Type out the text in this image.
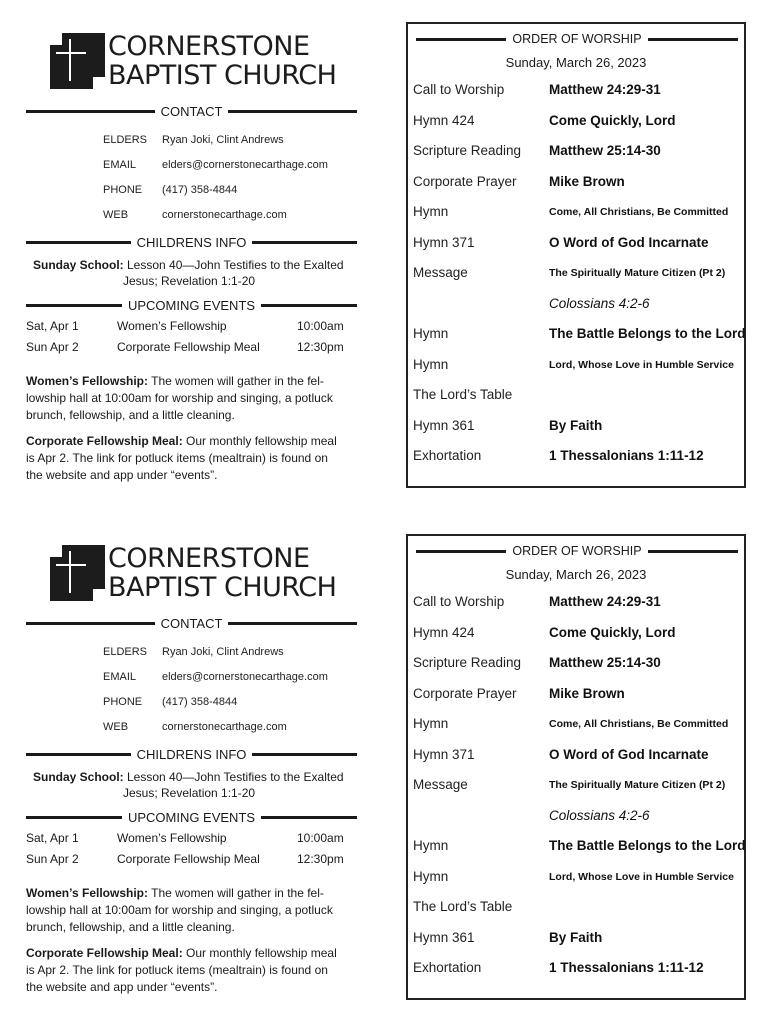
CORNERSTONE
BAPTIST CHURCH
CONTACT
ELDERS Ryan Joki, Clint Andrews
EMAIL elders@cornerstonecarthage.com
PHONE (417) 358-4844
WEB	cornerstonecarthage.com
CHILDRENS INFO
Sunday School: Lesson 40—John Testifies to the Exalted
Jesus; Revelation 1:1-20
UPCOMING EVENTS
Sat, Apr 1	Women’s Fellowship	10:00am
Sun Apr 2	Corporate Fellowship Meal	12:30pm
Women’s Fellowship: The women will gather in the fel-
lowship hall at 10:00am for worship and singing, a potluck
brunch, fellowship, and a little cleaning.
Corporate Fellowship Meal: Our monthly fellowship meal
is Apr 2. The link for potluck items (mealtrain) is found on
the website and app under “events”.
ORDER OF WORSHIP
Sunday, March 26, 2023
Call to Worship	Matthew 24:29-31
Hymn 424	Come Quickly, Lord
Scripture Reading Matthew 25:14-30
Corporate Prayer Mike Brown
Hymn	Come, All Christians, Be Committed
Hymn 371	O Word of God Incarnate
Message	The Spiritually Mature Citizen (Pt 2)
Colossians 4:2-6
Hymn	The Battle Belongs to the Lord
Hymn	Lord, Whose Love in Humble Service
The Lord’s Table
Hymn 361	By Faith
Exhortation	1 Thessalonians 1:11-12
CORNERSTONE
BAPTIST CHURCH
CONTACT
ELDERS Ryan Joki, Clint Andrews
EMAIL elders@cornerstonecarthage.com
PHONE (417) 358-4844
WEB	cornerstonecarthage.com
CHILDRENS INFO
Sunday School: Lesson 40—John Testifies to the Exalted
Jesus; Revelation 1:1-20
UPCOMING EVENTS
Sat, Apr 1	Women’s Fellowship	10:00am
Sun Apr 2	Corporate Fellowship Meal	12:30pm
Women’s Fellowship: The women will gather in the fel-
lowship hall at 10:00am for worship and singing, a potluck
brunch, fellowship, and a little cleaning.
Corporate Fellowship Meal: Our monthly fellowship meal
is Apr 2. The link for potluck items (mealtrain) is found on
the website and app under “events”.
ORDER OF WORSHIP
Sunday, March 26, 2023
Call to Worship	Matthew 24:29-31
Hymn 424	Come Quickly, Lord
Scripture Reading Matthew 25:14-30
Corporate Prayer Mike Brown
Hymn	Come, All Christians, Be Committed
Hymn 371	O Word of God Incarnate
Message	The Spiritually Mature Citizen (Pt 2)
Colossians 4:2-6
Hymn	The Battle Belongs to the Lord
Hymn	Lord, Whose Love in Humble Service
The Lord’s Table
Hymn 361	By Faith
Exhortation	1 Thessalonians 1:11-12
